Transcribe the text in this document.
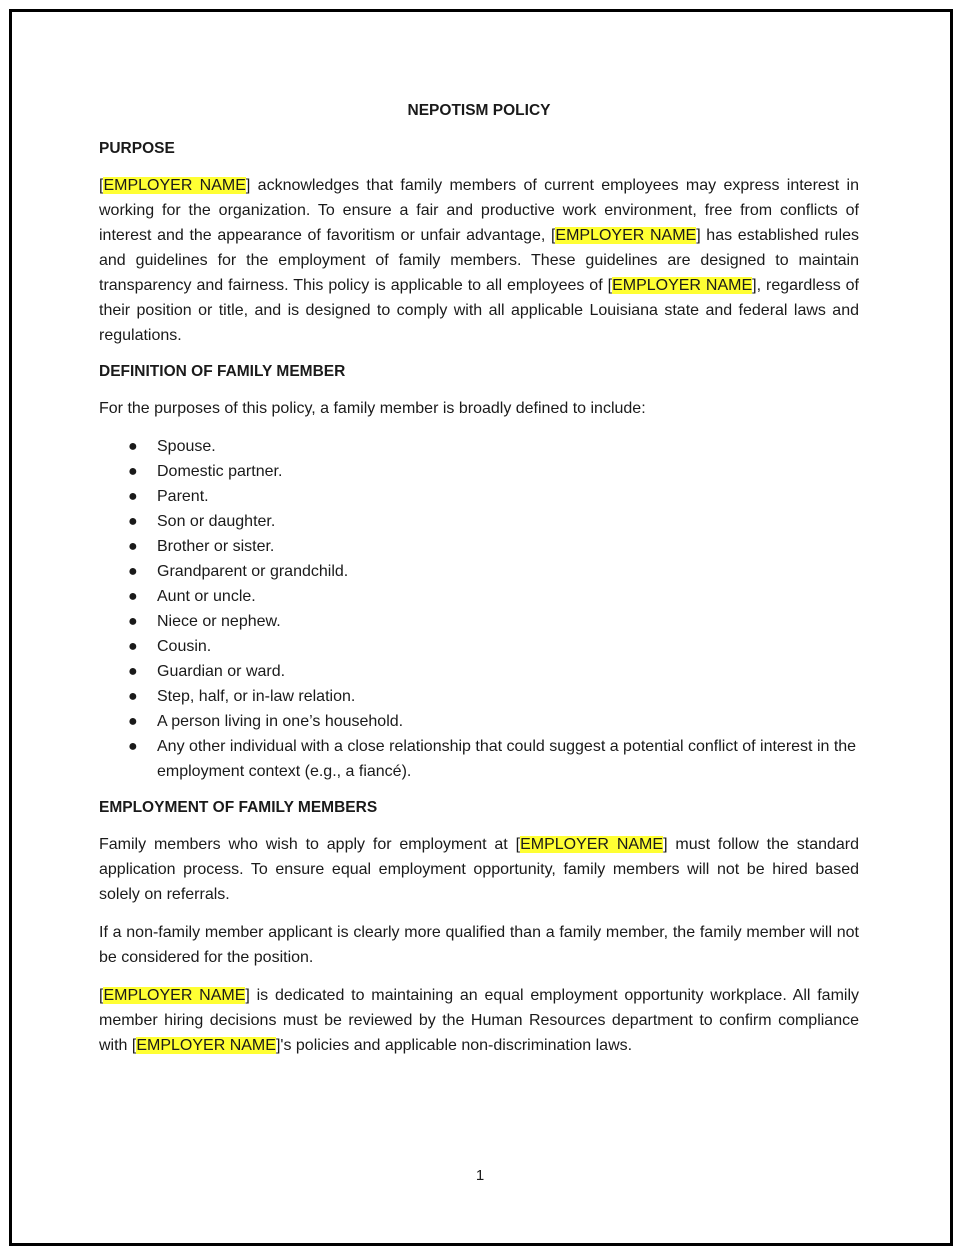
NEPOTISM POLICY
PURPOSE

[EMPLOYER NAME] acknowledges that family members of current employees may express interest in working for the organization. To ensure a fair and productive work environment, free from conflicts of interest and the appearance of favoritism or unfair advantage, [EMPLOYER NAME] has established rules and guidelines for the employment of family members. These guidelines are designed to maintain transparency and fairness. This policy is applicable to all employees of [EMPLOYER NAME], regardless of their position or title, and is designed to comply with all applicable Louisiana state and federal laws and regulations.

DEFINITION OF FAMILY MEMBER

For the purposes of this policy, a family member is broadly defined to include:

● Spouse.
● Domestic partner.
● Parent.
● Son or daughter.
● Brother or sister.
● Grandparent or grandchild.
● Aunt or uncle.
● Niece or nephew.
● Cousin.
● Guardian or ward.
● Step, half, or in-law relation.
● A person living in one’s household.
● Any other individual with a close relationship that could suggest a potential conflict of interest in the employment context (e.g., a fiancé).
EMPLOYMENT OF FAMILY MEMBERS

Family members who wish to apply for employment at [EMPLOYER NAME] must follow the standard application process. To ensure equal employment opportunity, family members will not be hired based solely on referrals.

If a non-family member applicant is clearly more qualified than a family member, the family member will not be considered for the position.

[EMPLOYER NAME] is dedicated to maintaining an equal employment opportunity workplace. All family member hiring decisions must be reviewed by the Human Resources department to confirm compliance with [EMPLOYER NAME]'s policies and applicable non-discrimination laws.

1
